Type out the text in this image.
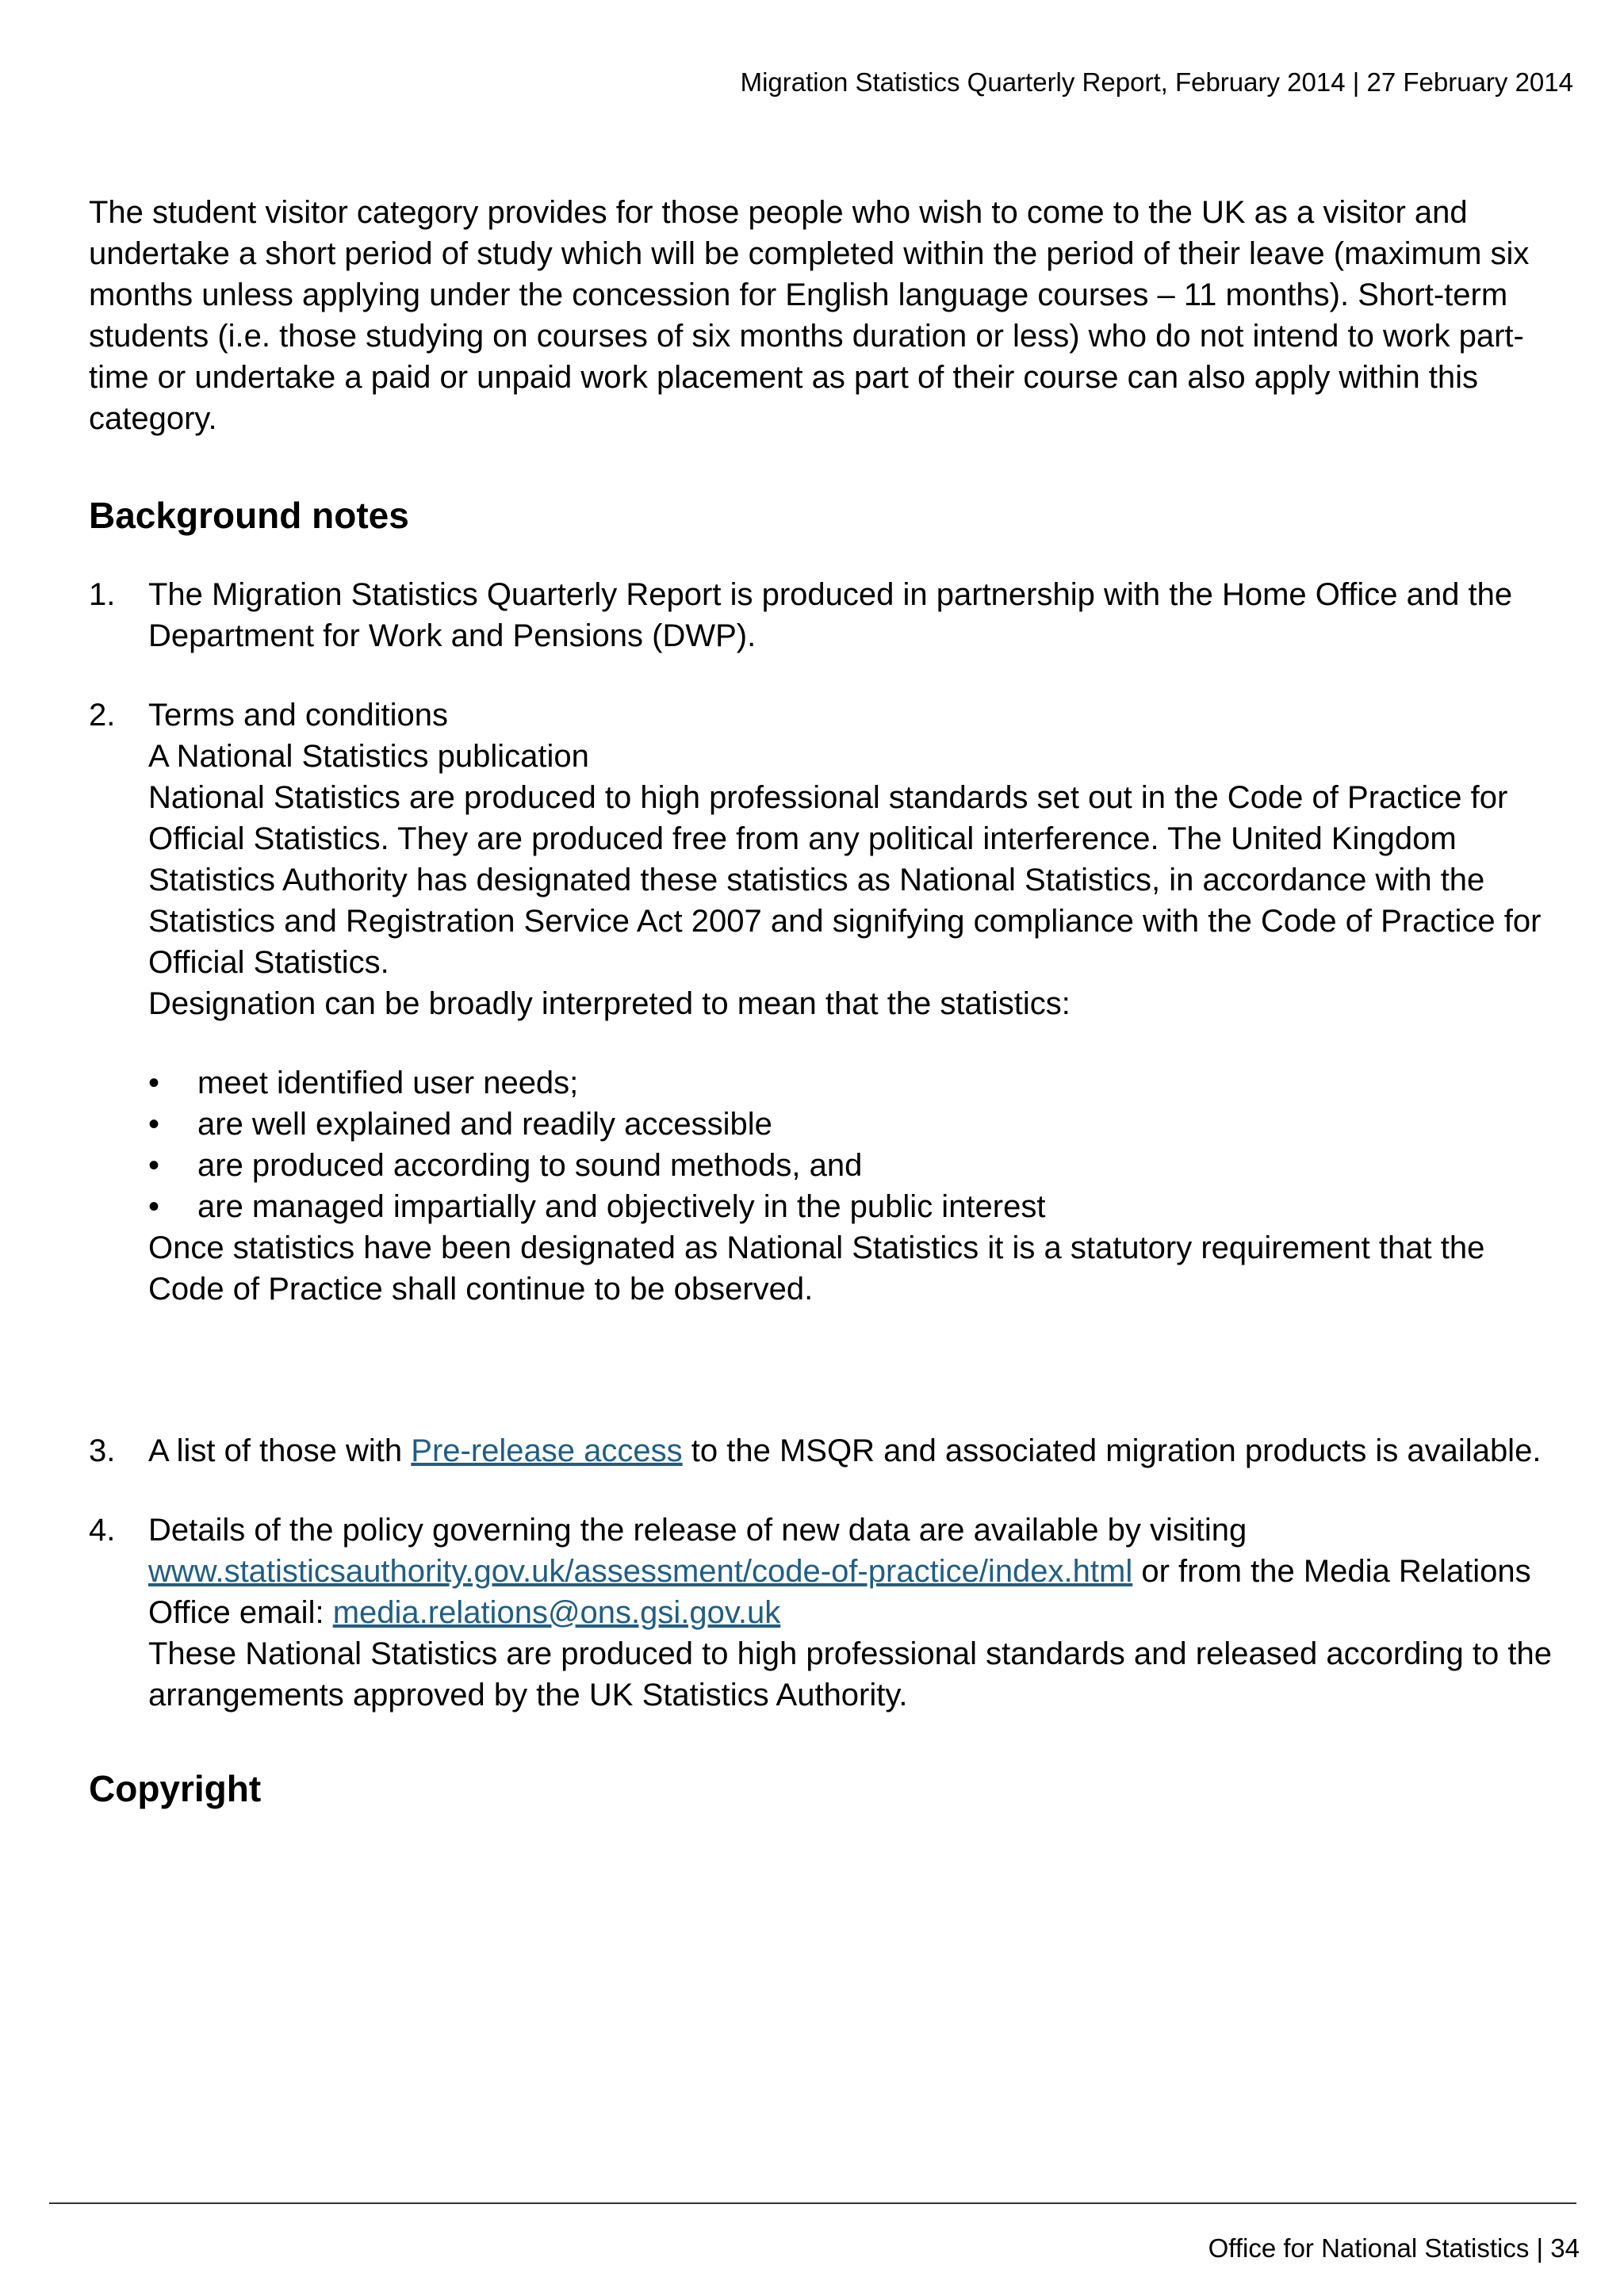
Migration Statistics Quarterly Report, February 2014 | 27 February 2014

The student visitor category provides for those people who wish to come to the UK as a visitor and undertake a short period of study which will be completed within the period of their leave (maximum six months unless applying under the concession for English language courses – 11 months). Short-term students (i.e. those studying on courses of six months duration or less) who do not intend to work part-time or undertake a paid or unpaid work placement as part of their course can also apply within this category.

Background notes
1. The Migration Statistics Quarterly Report is produced in partnership with the Home Office and the Department for Work and Pensions (DWP).

2. Terms and conditions

A National Statistics publication

National Statistics are produced to high professional standards set out in the Code of Practice for Official Statistics. They are produced free from any political interference. The United Kingdom Statistics Authority has designated these statistics as National Statistics, in accordance with the Statistics and Registration Service Act 2007 and signifying compliance with the Code of Practice for Official Statistics.

Designation can be broadly interpreted to mean that the statistics:

• meet identified user needs;
• are well explained and readily accessible
• are produced according to sound methods, and
• are managed impartially and objectively in the public interest

Once statistics have been designated as National Statistics it is a statutory requirement that the Code of Practice shall continue to be observed.

3. A list of those with Pre-release access to the MSQR and associated migration products is available.

4. Details of the policy governing the release of new data are available by visiting www.statisticsauthority.gov.uk/assessment/code-of-practice/index.html or from the Media Relations Office email: media.relations@ons.gsi.gov.uk

These National Statistics are produced to high professional standards and released according to the arrangements approved by the UK Statistics Authority.

Copyright
Office for National Statistics | 34
